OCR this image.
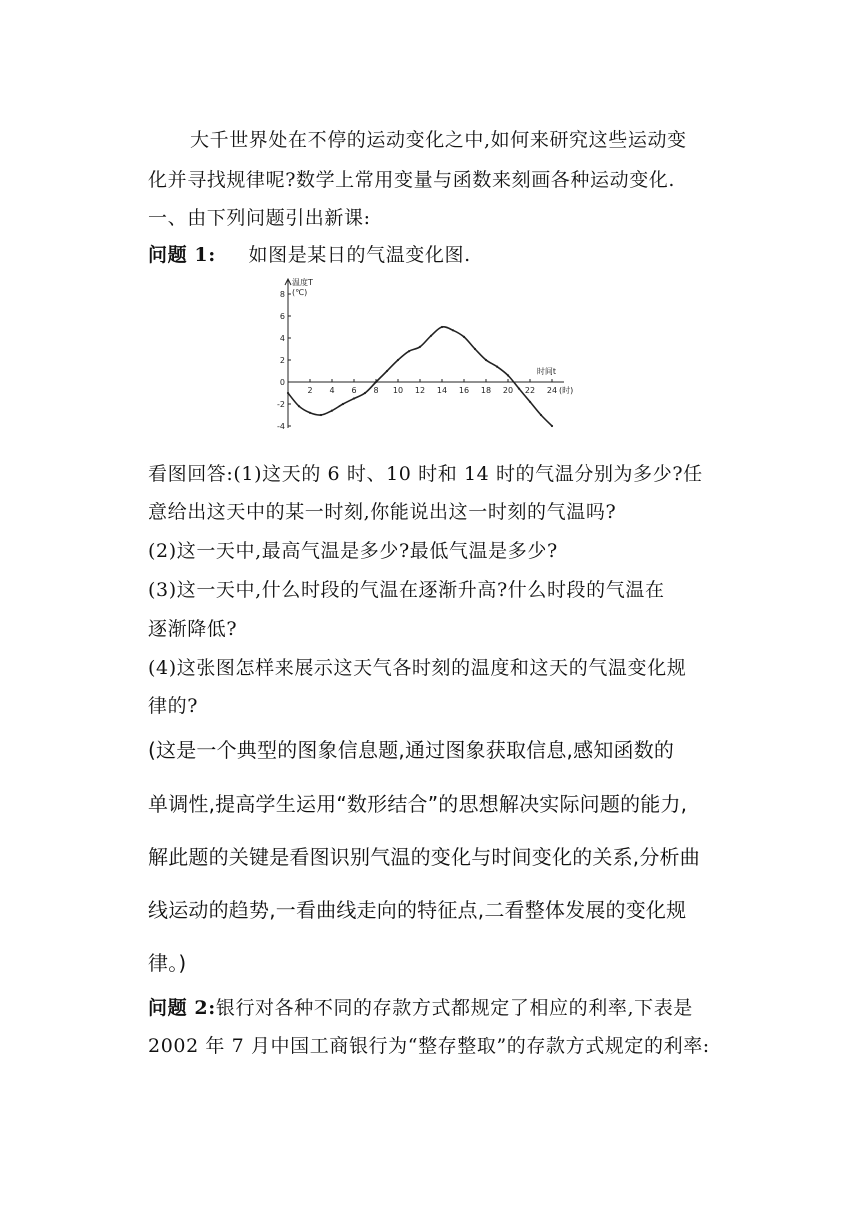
大千世界处在不停的运动变化之中,如何来研究这些运动变
化并寻找规律呢?数学上常用变量与函数来刻画各种运动变化.
一、由下列问题引出新课:
问题 1: 如图是某日的气温变化图.
8
6
4
2
0
-2
-4
2 4 6 8 10 12 14 16 18 20 22 24 (时)
时间t
温度T
(℃)
看图回答:(1)这天的 6 时、10 时和 14 时的气温分别为多少?任
意给出这天中的某一时刻,你能说出这一时刻的气温吗?
(2)这一天中,最高气温是多少?最低气温是多少?
(3)这一天中,什么时段的气温在逐渐升高?什么时段的气温在
逐渐降低?
(4)这张图怎样来展示这天气各时刻的温度和这天的气温变化规
律的?
(这是一个典型的图象信息题,通过图象获取信息,感知函数的
单调性,提高学生运用“数形结合”的思想解决实际问题的能力,
解此题的关键是看图识别气温的变化与时间变化的关系,分析曲
线运动的趋势,一看曲线走向的特征点,二看整体发展的变化规
律。)
问题 2:银行对各种不同的存款方式都规定了相应的利率,下表是
2002 年 7 月中国工商银行为“整存整取”的存款方式规定的利率:
